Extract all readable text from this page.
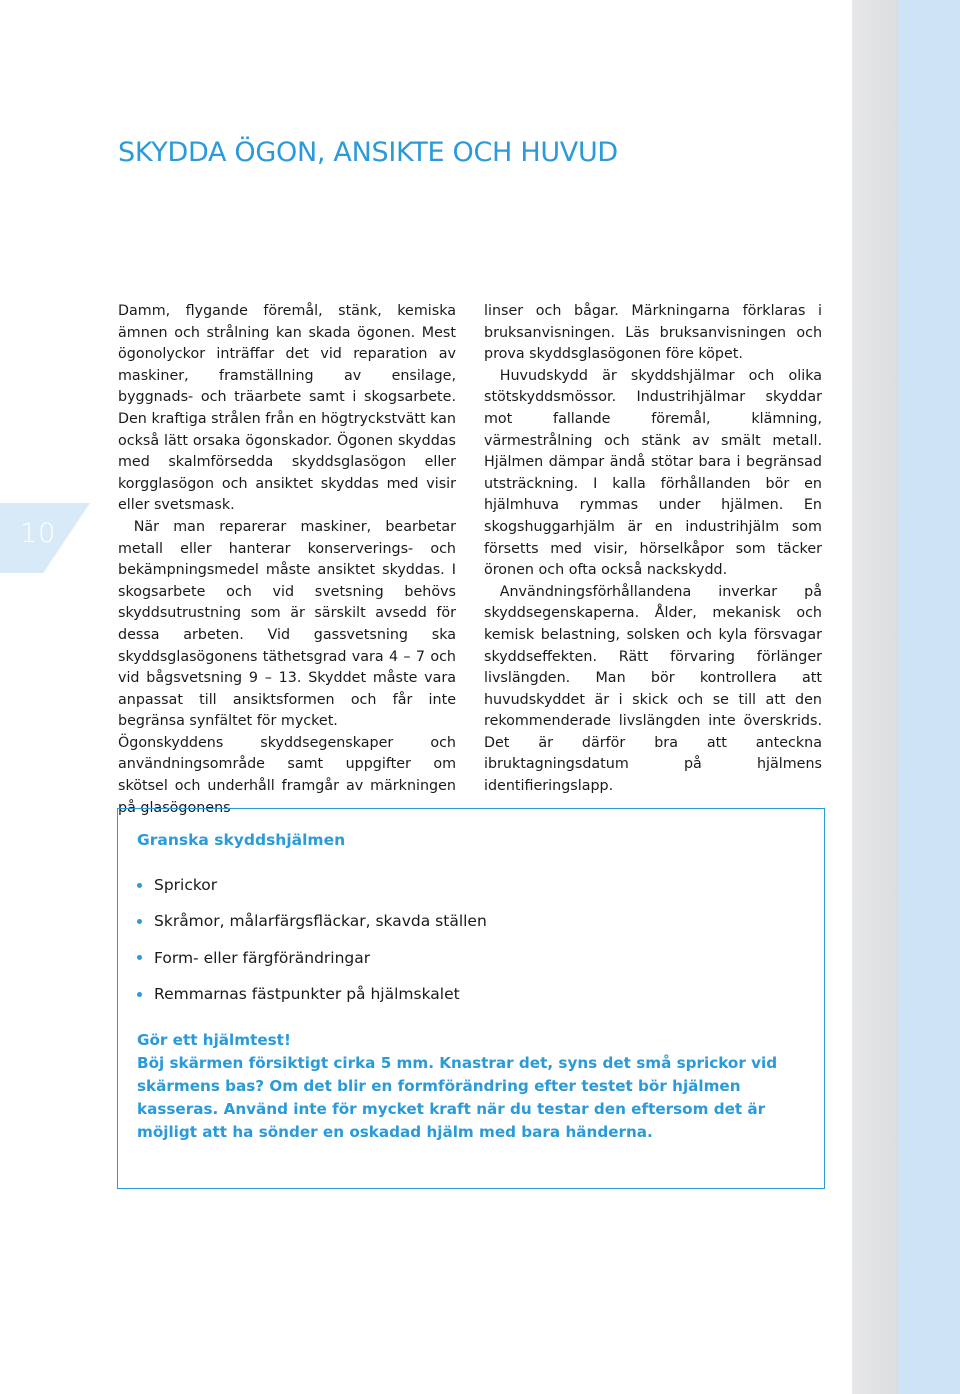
10
SKYDDA ÖGON, ANSIKTE OCH HUVUD

Damm, flygande föremål, stänk, kemiska ämnen och strålning kan skada ögonen. Mest ögonolyckor inträffar det vid reparation av maskiner, framställning av ensilage, byggnads- och träarbete samt i skogsarbete. Den kraftiga strålen från en högtryckstvätt kan också lätt orsaka ögonskador. Ögonen skyddas med skalmförsedda skyddsglasögon eller korgglasögon och ansiktet skyddas med visir eller svetsmask.

När man reparerar maskiner, bearbetar metall eller hanterar konserverings- och bekämpningsmedel måste ansiktet skyddas. I skogsarbete och vid svetsning behövs skyddsutrustning som är särskilt avsedd för dessa arbeten. Vid gassvetsning ska skyddsglasögonens täthetsgrad vara 4 – 7 och vid bågsvetsning 9 – 13. Skyddet måste vara anpassat till ansiktsformen och får inte begränsa synfältet för mycket.

Ögonskyddens skyddsegenskaper och användningsområde samt uppgifter om skötsel och underhåll framgår av märkningen på glasögonens

linser och bågar. Märkningarna förklaras i bruksanvisningen. Läs bruksanvisningen och prova skyddsglasögonen före köpet.

Huvudskydd är skyddshjälmar och olika stötskyddsmössor. Industrihjälmar skyddar mot fallande föremål, klämning, värmestrålning och stänk av smält metall. Hjälmen dämpar ändå stötar bara i begränsad utsträckning. I kalla förhållanden bör en hjälmhuva rymmas under hjälmen. En skogshuggarhjälm är en industrihjälm som försetts med visir, hörselkåpor som täcker öronen och ofta också nackskydd.

Användningsförhållandena inverkar på skyddsegenskaperna. Ålder, mekanisk och kemisk belastning, solsken och kyla försvagar skyddseffekten. Rätt förvaring förlänger livslängden. Man bör kontrollera att huvudskyddet är i skick och se till att den rekommenderade livslängden inte överskrids. Det är därför bra att anteckna ibruktagningsdatum på hjälmens identifieringslapp.

Granska skyddshjälmen
Sprickor
Skråmor, målarfärgsfläckar, skavda ställen
Form- eller färgförändringar
Remmarnas fästpunkter på hjälmskalet

Gör ett hjälmtest!

Böj skärmen försiktigt cirka 5 mm. Knastrar det, syns det små sprickor vid skärmens bas? Om det blir en formförändring efter testet bör hjälmen kasseras. Använd inte för mycket kraft när du testar den eftersom det är möjligt att ha sönder en oskadad hjälm med bara händerna.
